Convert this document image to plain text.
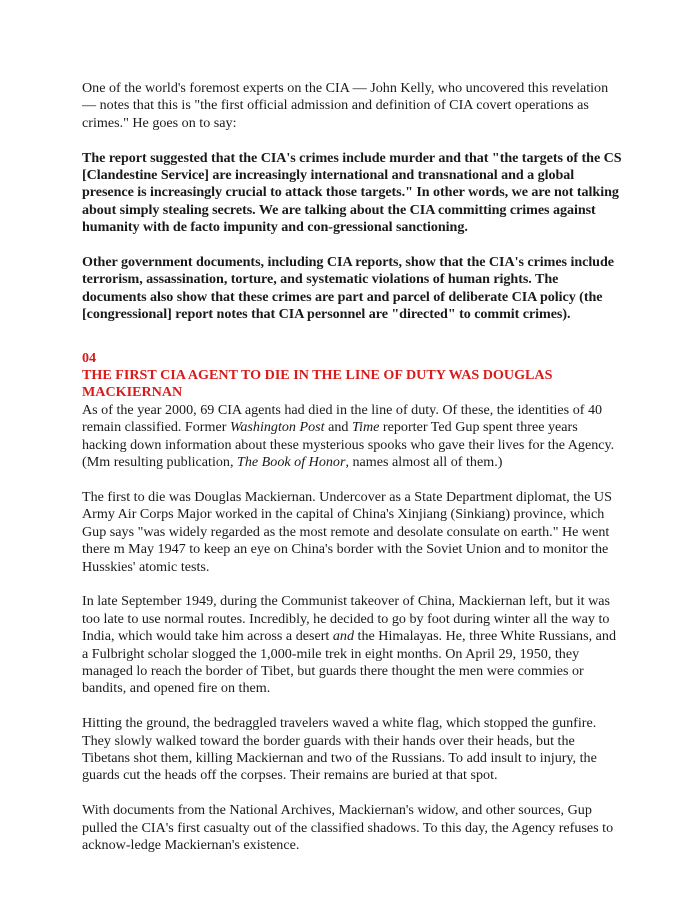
One of the world's foremost experts on the CIA — John Kelly, who uncovered this revelation — notes that this is "the first official admission and definition of CIA covert operations as crimes." He goes on to say:

The report suggested that the CIA's crimes include murder and that "the targets of the CS [Clandestine Service] are increasingly international and transnational and a global presence is increasingly crucial to attack those targets." In other words, we are not talking about simply stealing secrets. We are talking about the CIA committing crimes against humanity with de facto impunity and con-gressional sanctioning.

Other government documents, including CIA reports, show that the CIA's crimes include terrorism, assassination, torture, and systematic violations of human rights. The documents also show that these crimes are part and parcel of deliberate CIA policy (the [congressional] report notes that CIA personnel are "directed" to commit crimes).

04

THE FIRST CIA AGENT TO DIE IN THE LINE OF DUTY WAS DOUGLAS MACKIERNAN

As of the year 2000, 69 CIA agents had died in the line of duty. Of these, the identities of 40 remain classified. Former Washington Post and Time reporter Ted Gup spent three years hacking down information about these mysterious spooks who gave their lives for the Agency. (Mm resulting publication, The Book of Honor, names almost all of them.)

The first to die was Douglas Mackiernan. Undercover as a State Department diplomat, the US Army Air Corps Major worked in the capital of China's Xinjiang (Sinkiang) province, which Gup says "was widely regarded as the most remote and desolate consulate on earth." He went there m May 1947 to keep an eye on China's border with the Soviet Union and to monitor the Husskies' atomic tests.

In late September 1949, during the Communist takeover of China, Mackiernan left, but it was too late to use normal routes. Incredibly, he decided to go by foot during winter all the way to India, which would take him across a desert and the Himalayas. He, three White Russians, and a Fulbright scholar slogged the 1,000-mile trek in eight months. On April 29, 1950, they managed lo reach the border of Tibet, but guards there thought the men were commies or bandits, and opened fire on them.

Hitting the ground, the bedraggled travelers waved a white flag, which stopped the gunfire. They slowly walked toward the border guards with their hands over their heads, but the Tibetans shot them, killing Mackiernan and two of the Russians. To add insult to injury, the guards cut the heads off the corpses. Their remains are buried at that spot.

With documents from the National Archives, Mackiernan's widow, and other sources, Gup pulled the CIA's first casualty out of the classified shadows. To this day, the Agency refuses to acknow-ledge Mackiernan's existence.
